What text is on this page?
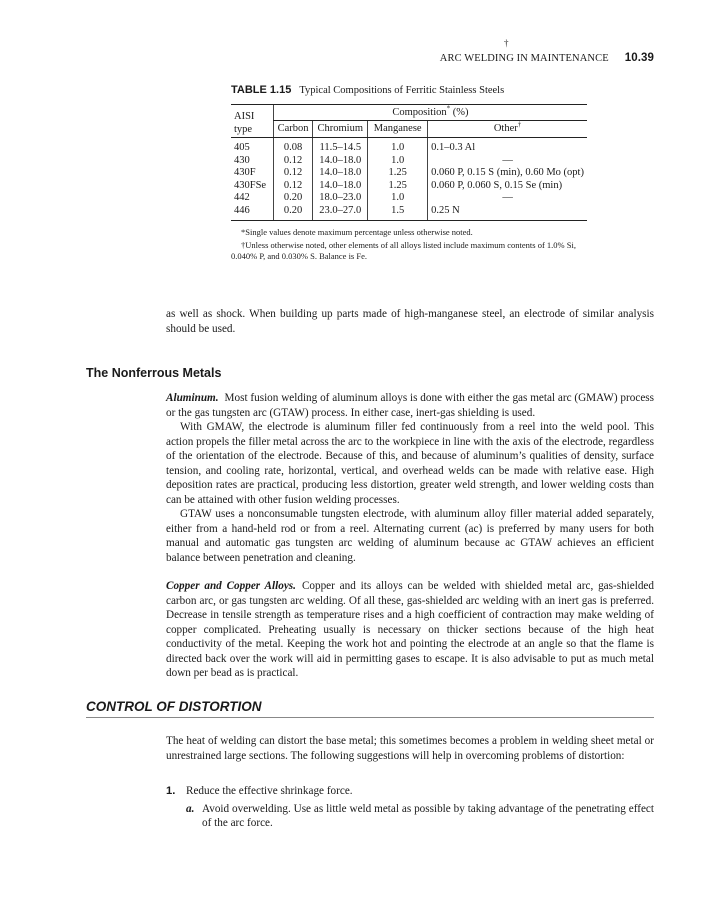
†
ARC WELDING IN MAINTENANCE 10.39
TABLE 1.15 Typical Compositions of Ferritic Stainless Steels
AISI
type	Composition* (%)			
	Carbon	Chromium	Manganese	Other†
405	0.08	11.5–14.5	1.0	0.1–0.3 Al
430	0.12	14.0–18.0	1.0	—
430F	0.12	14.0–18.0	1.25	0.060 P, 0.15 S (min), 0.60 Mo (opt)
430FSe	0.12	14.0–18.0	1.25	0.060 P, 0.060 S, 0.15 Se (min)
442	0.20	18.0–23.0	1.0	—
446	0.20	23.0–27.0	1.5	0.25 N

*Single values denote maximum percentage unless otherwise noted.

†Unless otherwise noted, other elements of all alloys listed include maximum contents of 1.0% Si, 0.040% P, and 0.030% S. Balance is Fe.

as well as shock. When building up parts made of high-manganese steel, an electrode of similar analysis should be used.

The Nonferrous Metals

Aluminum. Most fusion welding of aluminum alloys is done with either the gas metal arc (GMAW) process or the gas tungsten arc (GTAW) process. In either case, inert-gas shielding is used.

With GMAW, the electrode is aluminum filler fed continuously from a reel into the weld pool. This action propels the filler metal across the arc to the workpiece in line with the axis of the electrode, regardless of the orientation of the electrode. Because of this, and because of aluminum’s qualities of density, surface tension, and cooling rate, horizontal, vertical, and overhead welds can be made with relative ease. High deposition rates are practical, producing less distortion, greater weld strength, and lower welding costs than can be attained with other fusion welding processes.

GTAW uses a nonconsumable tungsten electrode, with aluminum alloy filler material added separately, either from a hand-held rod or from a reel. Alternating current (ac) is preferred by many users for both manual and automatic gas tungsten arc welding of aluminum because ac GTAW achieves an efficient balance between penetration and cleaning.

Copper and Copper Alloys. Copper and its alloys can be welded with shielded metal arc, gas-shielded carbon arc, or gas tungsten arc welding. Of all these, gas-shielded arc welding with an inert gas is preferred. Decrease in tensile strength as temperature rises and a high coefficient of contraction may make welding of copper complicated. Preheating usually is necessary on thicker sections because of the high heat conductivity of the metal. Keeping the work hot and pointing the electrode at an angle so that the flame is directed back over the work will aid in permitting gases to escape. It is also advisable to put as much metal down per bead as is practical.

CONTROL OF DISTORTION

The heat of welding can distort the base metal; this sometimes becomes a problem in welding sheet metal or unrestrained large sections. The following suggestions will help in overcoming problems of distortion:

1. Reduce the effective shrinkage force.
a. Avoid overwelding. Use as little weld metal as possible by taking advantage of the penetrating effect of the arc force.
